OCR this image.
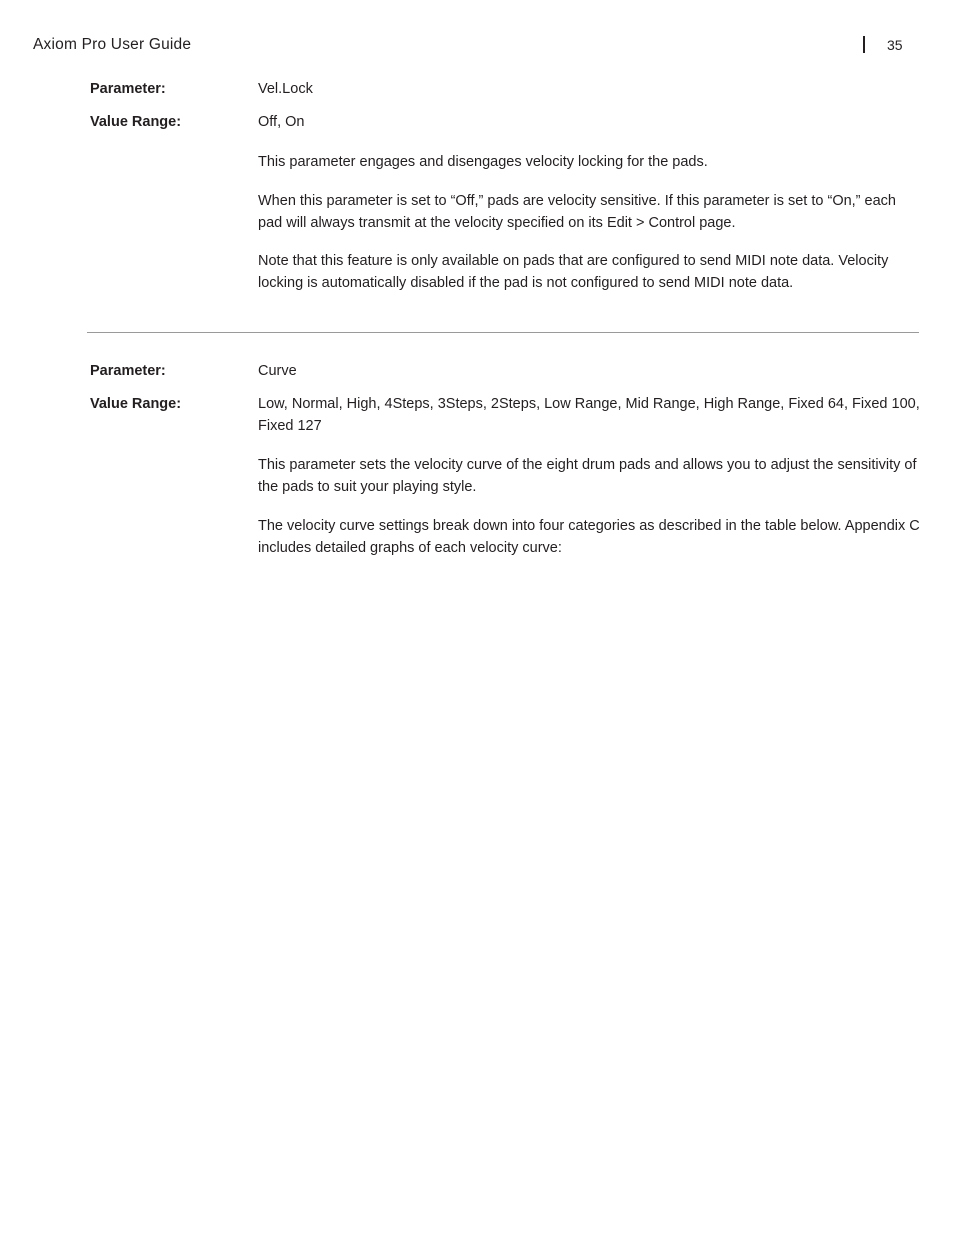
Axiom Pro User Guide	35
Parameter:	Vel.Lock
Value Range:	Off, On

This parameter engages and disengages velocity locking for the pads.

When this parameter is set to “Off,” pads are velocity sensitive. If this parameter is set to “On,” each pad will always transmit at the velocity specified on its Edit > Control page.

Note that this feature is only available on pads that are configured to send MIDI note data. Velocity locking is automatically disabled if the pad is not configured to send MIDI note data.

Parameter:	Curve
Value Range:	Low, Normal, High, 4Steps, 3Steps, 2Steps, Low Range, Mid Range, High Range, Fixed 64, Fixed 100, Fixed 127

This parameter sets the velocity curve of the eight drum pads and allows you to adjust the sensitivity of the pads to suit your playing style.

The velocity curve settings break down into four categories as described in the table below. Appendix C includes detailed graphs of each velocity curve:
